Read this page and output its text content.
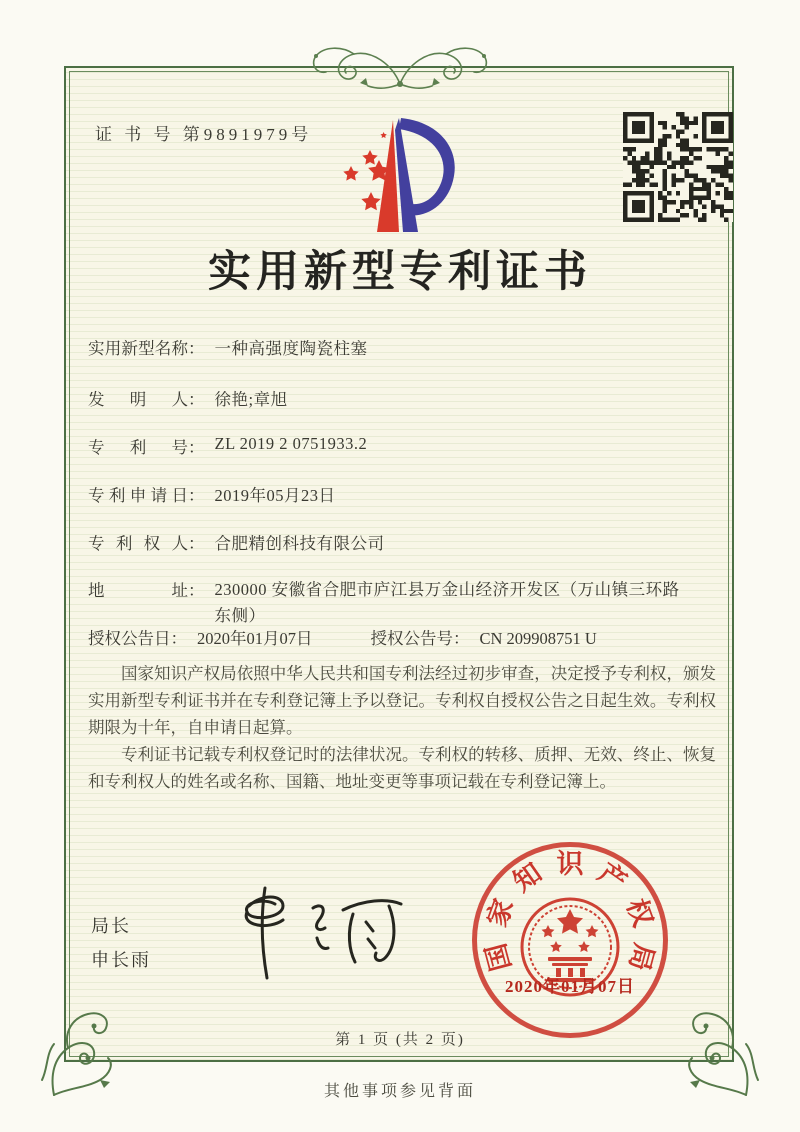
证 书 号 第9891979号
实用新型专利证书
实用新型名称： 一种高强度陶瓷柱塞
发明人： 徐艳;章旭
专利号： ZL 2019 2 0751933.2
专利申请日： 2019年05月23日
专利权人： 合肥精创科技有限公司
地址： 230000 安徽省合肥市庐江县万金山经济开发区（万山镇三环路东侧）
授权公告日： 2020年01月07日	授权公告号： CN 209908751 U

国家知识产权局依照中华人民共和国专利法经过初步审查，决定授予专利权，颁发实用新型专利证书并在专利登记簿上予以登记。专利权自授权公告之日起生效。专利权期限为十年，自申请日起算。

专利证书记载专利权登记时的法律状况。专利权的转移、质押、无效、终止、恢复和专利权人的姓名或名称、国籍、地址变更等事项记载在专利登记簿上。

局长
申长雨	国
家
知 识 产
权
局
2020年01月07日
第 1 页 (共 2 页)
其他事项参见背面
